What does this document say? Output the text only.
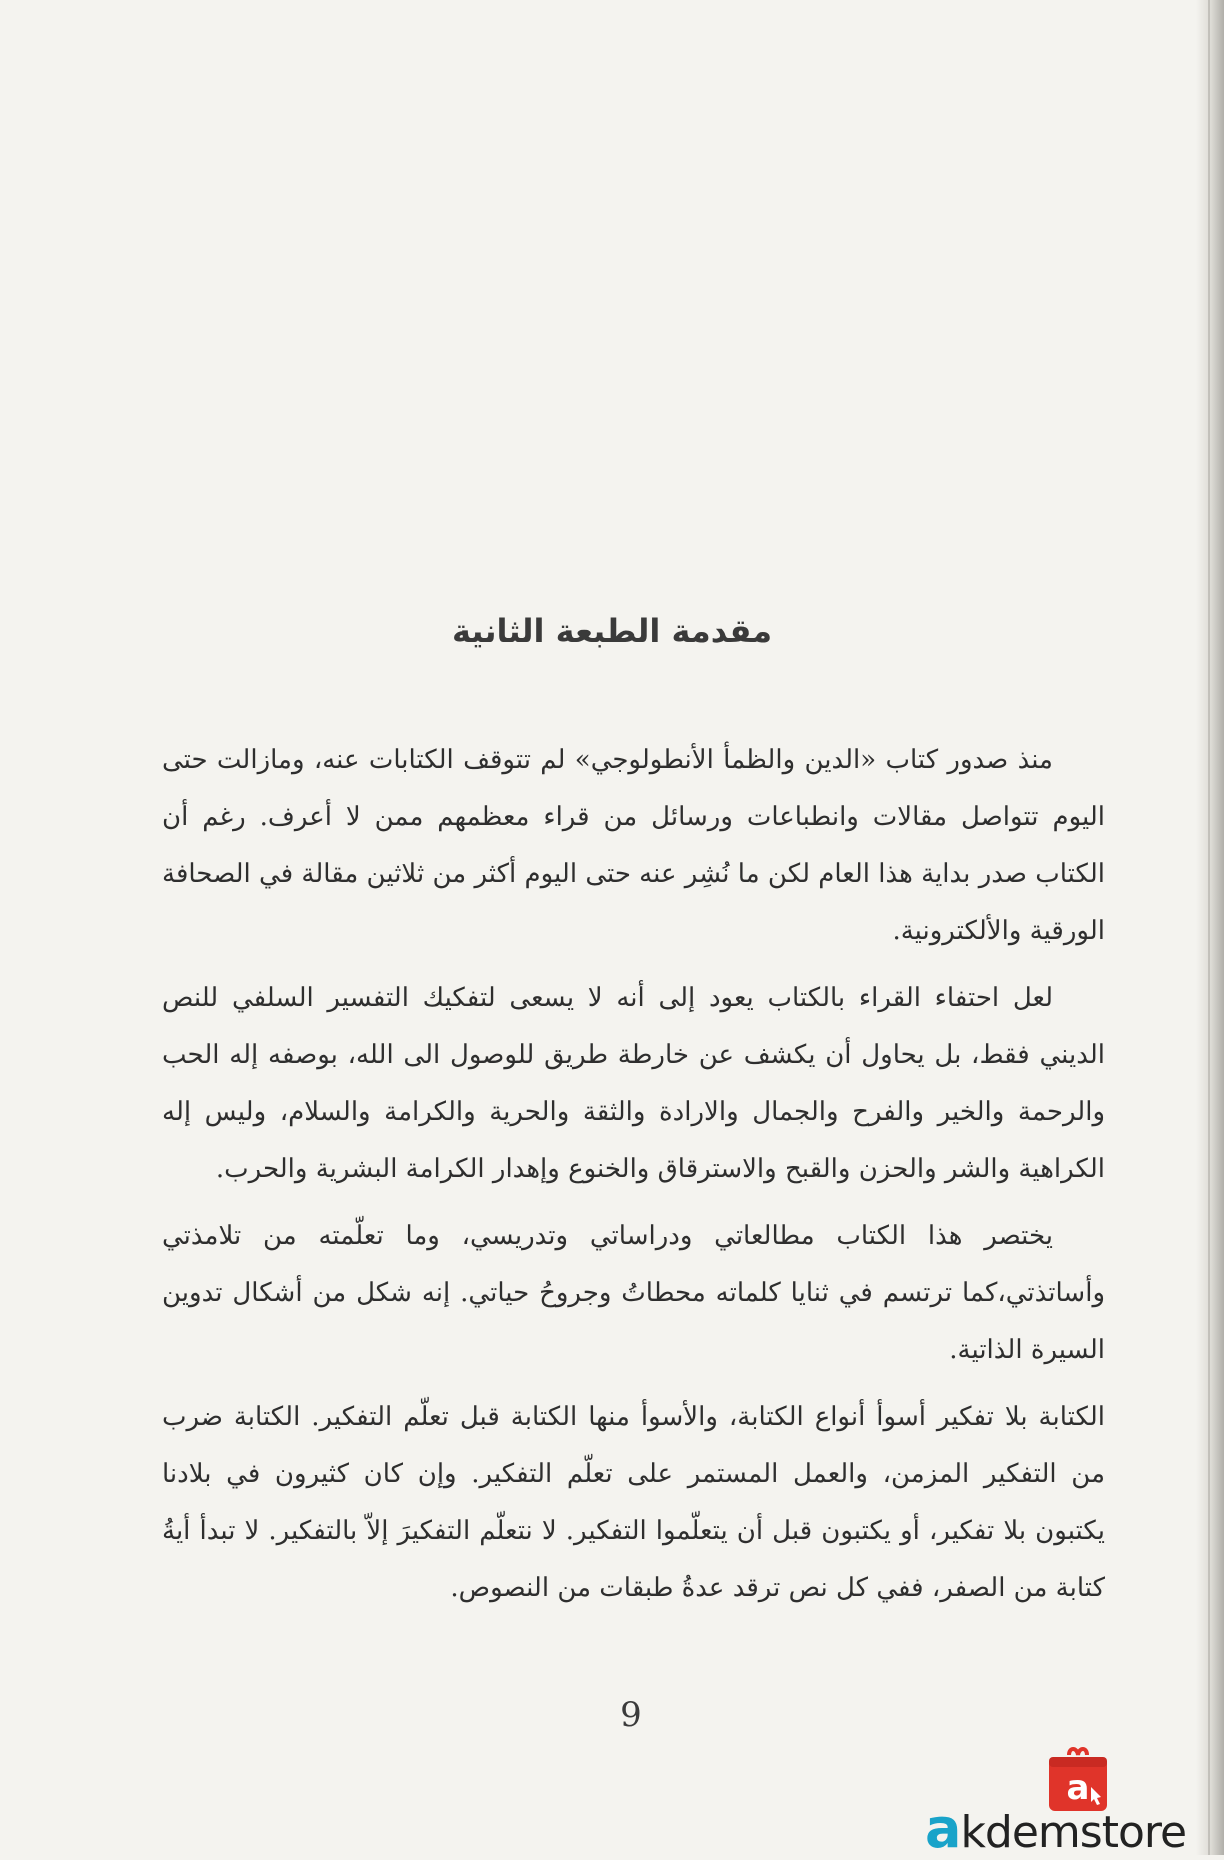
مقدمة الطبعة الثانية

منذ صدور كتاب «الدين والظمأ الأنطولوجي» لم تتوقف الكتابات عنه، ومازالت حتى اليوم تتواصل مقالات وانطباعات ورسائل من قراء معظمهم ممن لا أعرف. رغم أن الكتاب صدر بداية هذا العام لكن ما نُشِر عنه حتى اليوم أكثر من ثلاثين مقالة في الصحافة الورقية والألكترونية.

لعل احتفاء القراء بالكتاب يعود إلى أنه لا يسعى لتفكيك التفسير السلفي للنص الديني فقط، بل يحاول أن يكشف عن خارطة طريق للوصول الى الله، بوصفه إله الحب والرحمة والخير والفرح والجمال والارادة والثقة والحرية والكرامة والسلام، وليس إله الكراهية والشر والحزن والقبح والاسترقاق والخنوع وإهدار الكرامة البشرية والحرب.

يختصر هذا الكتاب مطالعاتي ودراساتي وتدريسي، وما تعلّمته من تلامذتي وأساتذتي،كما ترتسم في ثنايا كلماته محطاتُ وجروحُ حياتي. إنه شكل من أشكال تدوين السيرة الذاتية.

الكتابة بلا تفكير أسوأ أنواع الكتابة، والأسوأ منها الكتابة قبل تعلّم التفكير. الكتابة ضرب من التفكير المزمن، والعمل المستمر على تعلّم التفكير. وإن كان كثيرون في بلادنا يكتبون بلا تفكير، أو يكتبون قبل أن يتعلّموا التفكير. لا نتعلّم التفكيرَ إلاّ بالتفكير. لا تبدأ أيةُ كتابة من الصفر، ففي كل نص ترقد عدةُ طبقات من النصوص.

9
a
akdemstore
